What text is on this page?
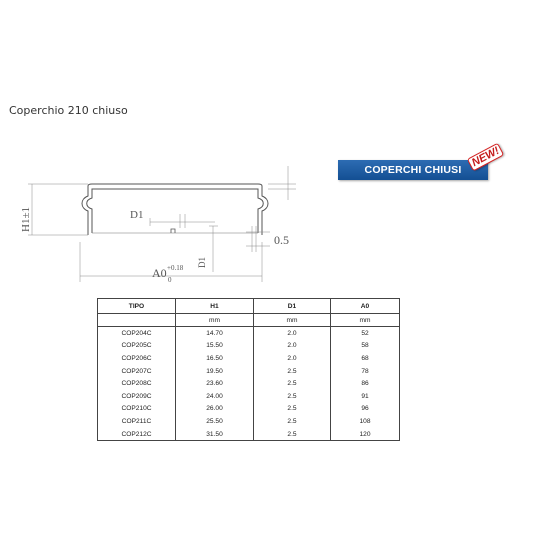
Coperchio 210 chiuso
H1±1	D1
D1
A0 +0.18
0
0.5
COPERCHI CHIUSI
NEW!
TIPO	H1	D1	A0
	mm	mm	mm
COP204C	14.70	2.0	52
COP205C	15.50	2.0	58
COP206C	16.50	2.0	68
COP207C	19.50	2.5	78
COP208C	23.60	2.5	86
COP209C	24.00	2.5	91
COP210C	26.00	2.5	96
COP211C	25.50	2.5	108
COP212C	31.50	2.5	120
